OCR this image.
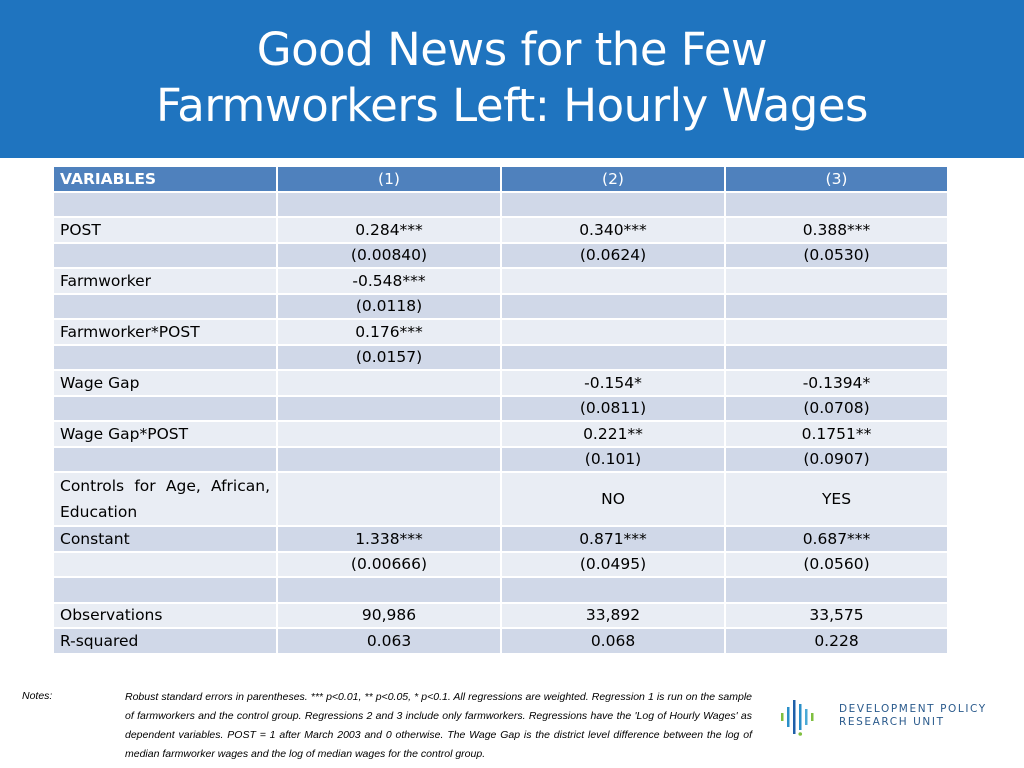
Good News for the Few
Farmworkers Left: Hourly Wages
VARIABLES	(1)	(2)	(3)

POST	0.284***	0.340***	0.388***
	(0.00840)	(0.0624)	(0.0530)
Farmworker	-0.548***		
	(0.0118)		
Farmworker*POST	0.176***		
	(0.0157)		
Wage Gap		-0.154*	-0.1394*
		(0.0811)	(0.0708)
Wage Gap*POST		0.221**	0.1751**
		(0.101)	(0.0907)
Controls for Age, African, Education		NO	YES
Constant	1.338***	0.871***	0.687***
	(0.00666)	(0.0495)	(0.0560)

Observations	90,986	33,892	33,575
R-squared	0.063	0.068	0.228
Notes:	Robust standard errors in parentheses. *** p<0.01, ** p<0.05, * p<0.1. All regressions are weighted. Regression 1 is run on the sample of farmworkers and the control group. Regressions 2 and 3 include only farmworkers. Regressions have the 'Log of Hourly Wages' as dependent variables. POST = 1 after March 2003 and 0 otherwise. The Wage Gap is the district level difference between the log of median farmworker wages and the log of median wages for the control group.
DEVELOPMENT POLICY
RESEARCH UNIT
